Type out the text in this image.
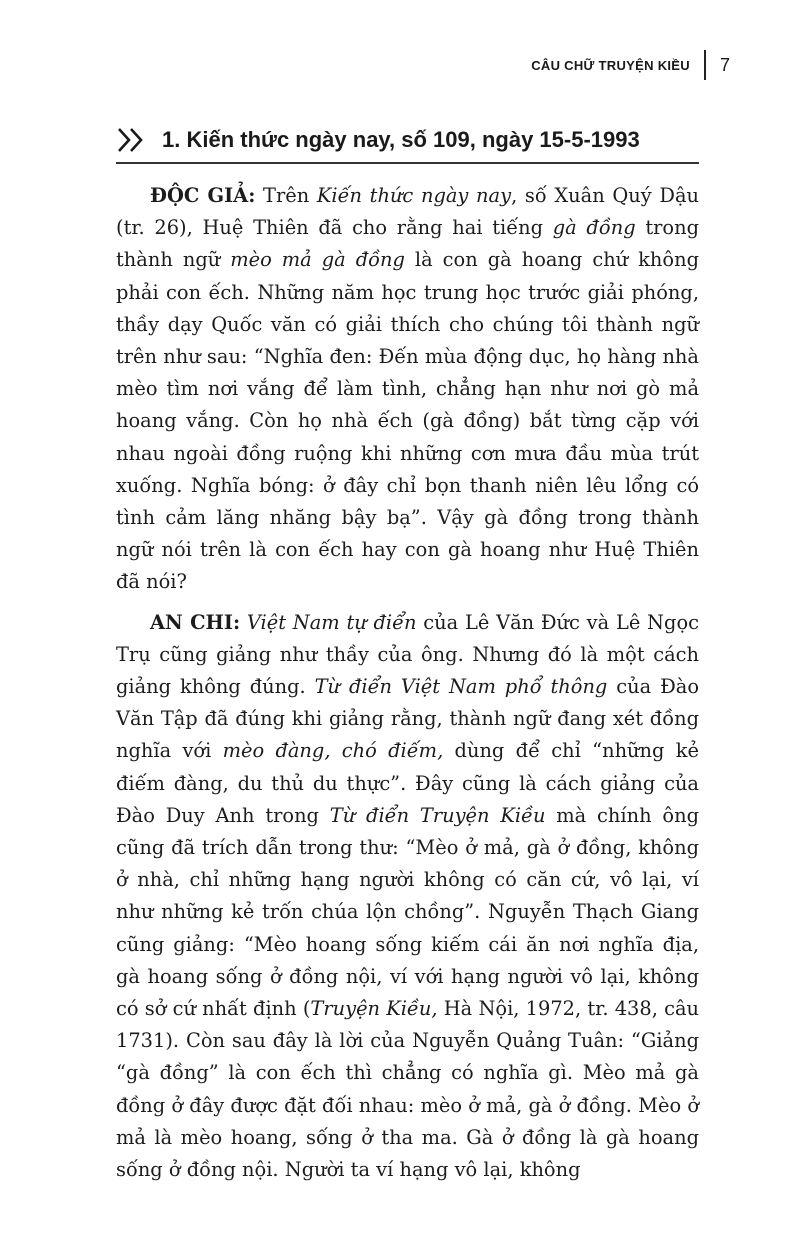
CÂU CHỮ TRUYỆN KIỀU 7
1. Kiến thức ngày nay, số 109, ngày 15-5-1993

ĐỘC GIẢ: Trên Kiến thức ngày nay, số Xuân Quý Dậu (tr. 26), Huệ Thiên đã cho rằng hai tiếng gà đồng trong thành ngữ mèo mả gà đồng là con gà hoang chứ không phải con ếch. Những năm học trung học trước giải phóng, thầy dạy Quốc văn có giải thích cho chúng tôi thành ngữ trên như sau: “Nghĩa đen: Đến mùa động dục, họ hàng nhà mèo tìm nơi vắng để làm tình, chẳng hạn như nơi gò mả hoang vắng. Còn họ nhà ếch (gà đồng) bắt từng cặp với nhau ngoài đồng ruộng khi những cơn mưa đầu mùa trút xuống. Nghĩa bóng: ở đây chỉ bọn thanh niên lêu lổng có tình cảm lăng nhăng bậy bạ”. Vậy gà đồng trong thành ngữ nói trên là con ếch hay con gà hoang như Huệ Thiên đã nói?

AN CHI: Việt Nam tự điển của Lê Văn Đức và Lê Ngọc Trụ cũng giảng như thầy của ông. Nhưng đó là một cách giảng không đúng. Từ điển Việt Nam phổ thông của Đào Văn Tập đã đúng khi giảng rằng, thành ngữ đang xét đồng nghĩa với mèo đàng, chó điếm, dùng để chỉ “những kẻ điếm đàng, du thủ du thực”. Đây cũng là cách giảng của Đào Duy Anh trong Từ điển Truyện Kiều mà chính ông cũng đã trích dẫn trong thư: “Mèo ở mả, gà ở đồng, không ở nhà, chỉ những hạng người không có căn cứ, vô lại, ví như những kẻ trốn chúa lộn chồng”. Nguyễn Thạch Giang cũng giảng: “Mèo hoang sống kiếm cái ăn nơi nghĩa địa, gà hoang sống ở đồng nội, ví với hạng người vô lại, không có sở cứ nhất định (Truyện Kiều, Hà Nội, 1972, tr. 438, câu 1731). Còn sau đây là lời của Nguyễn Quảng Tuân: “Giảng “gà đồng” là con ếch thì chẳng có nghĩa gì. Mèo mả gà đồng ở đây được đặt đối nhau: mèo ở mả, gà ở đồng. Mèo ở mả là mèo hoang, sống ở tha ma. Gà ở đồng là gà hoang sống ở đồng nội. Người ta ví hạng vô lại, không
